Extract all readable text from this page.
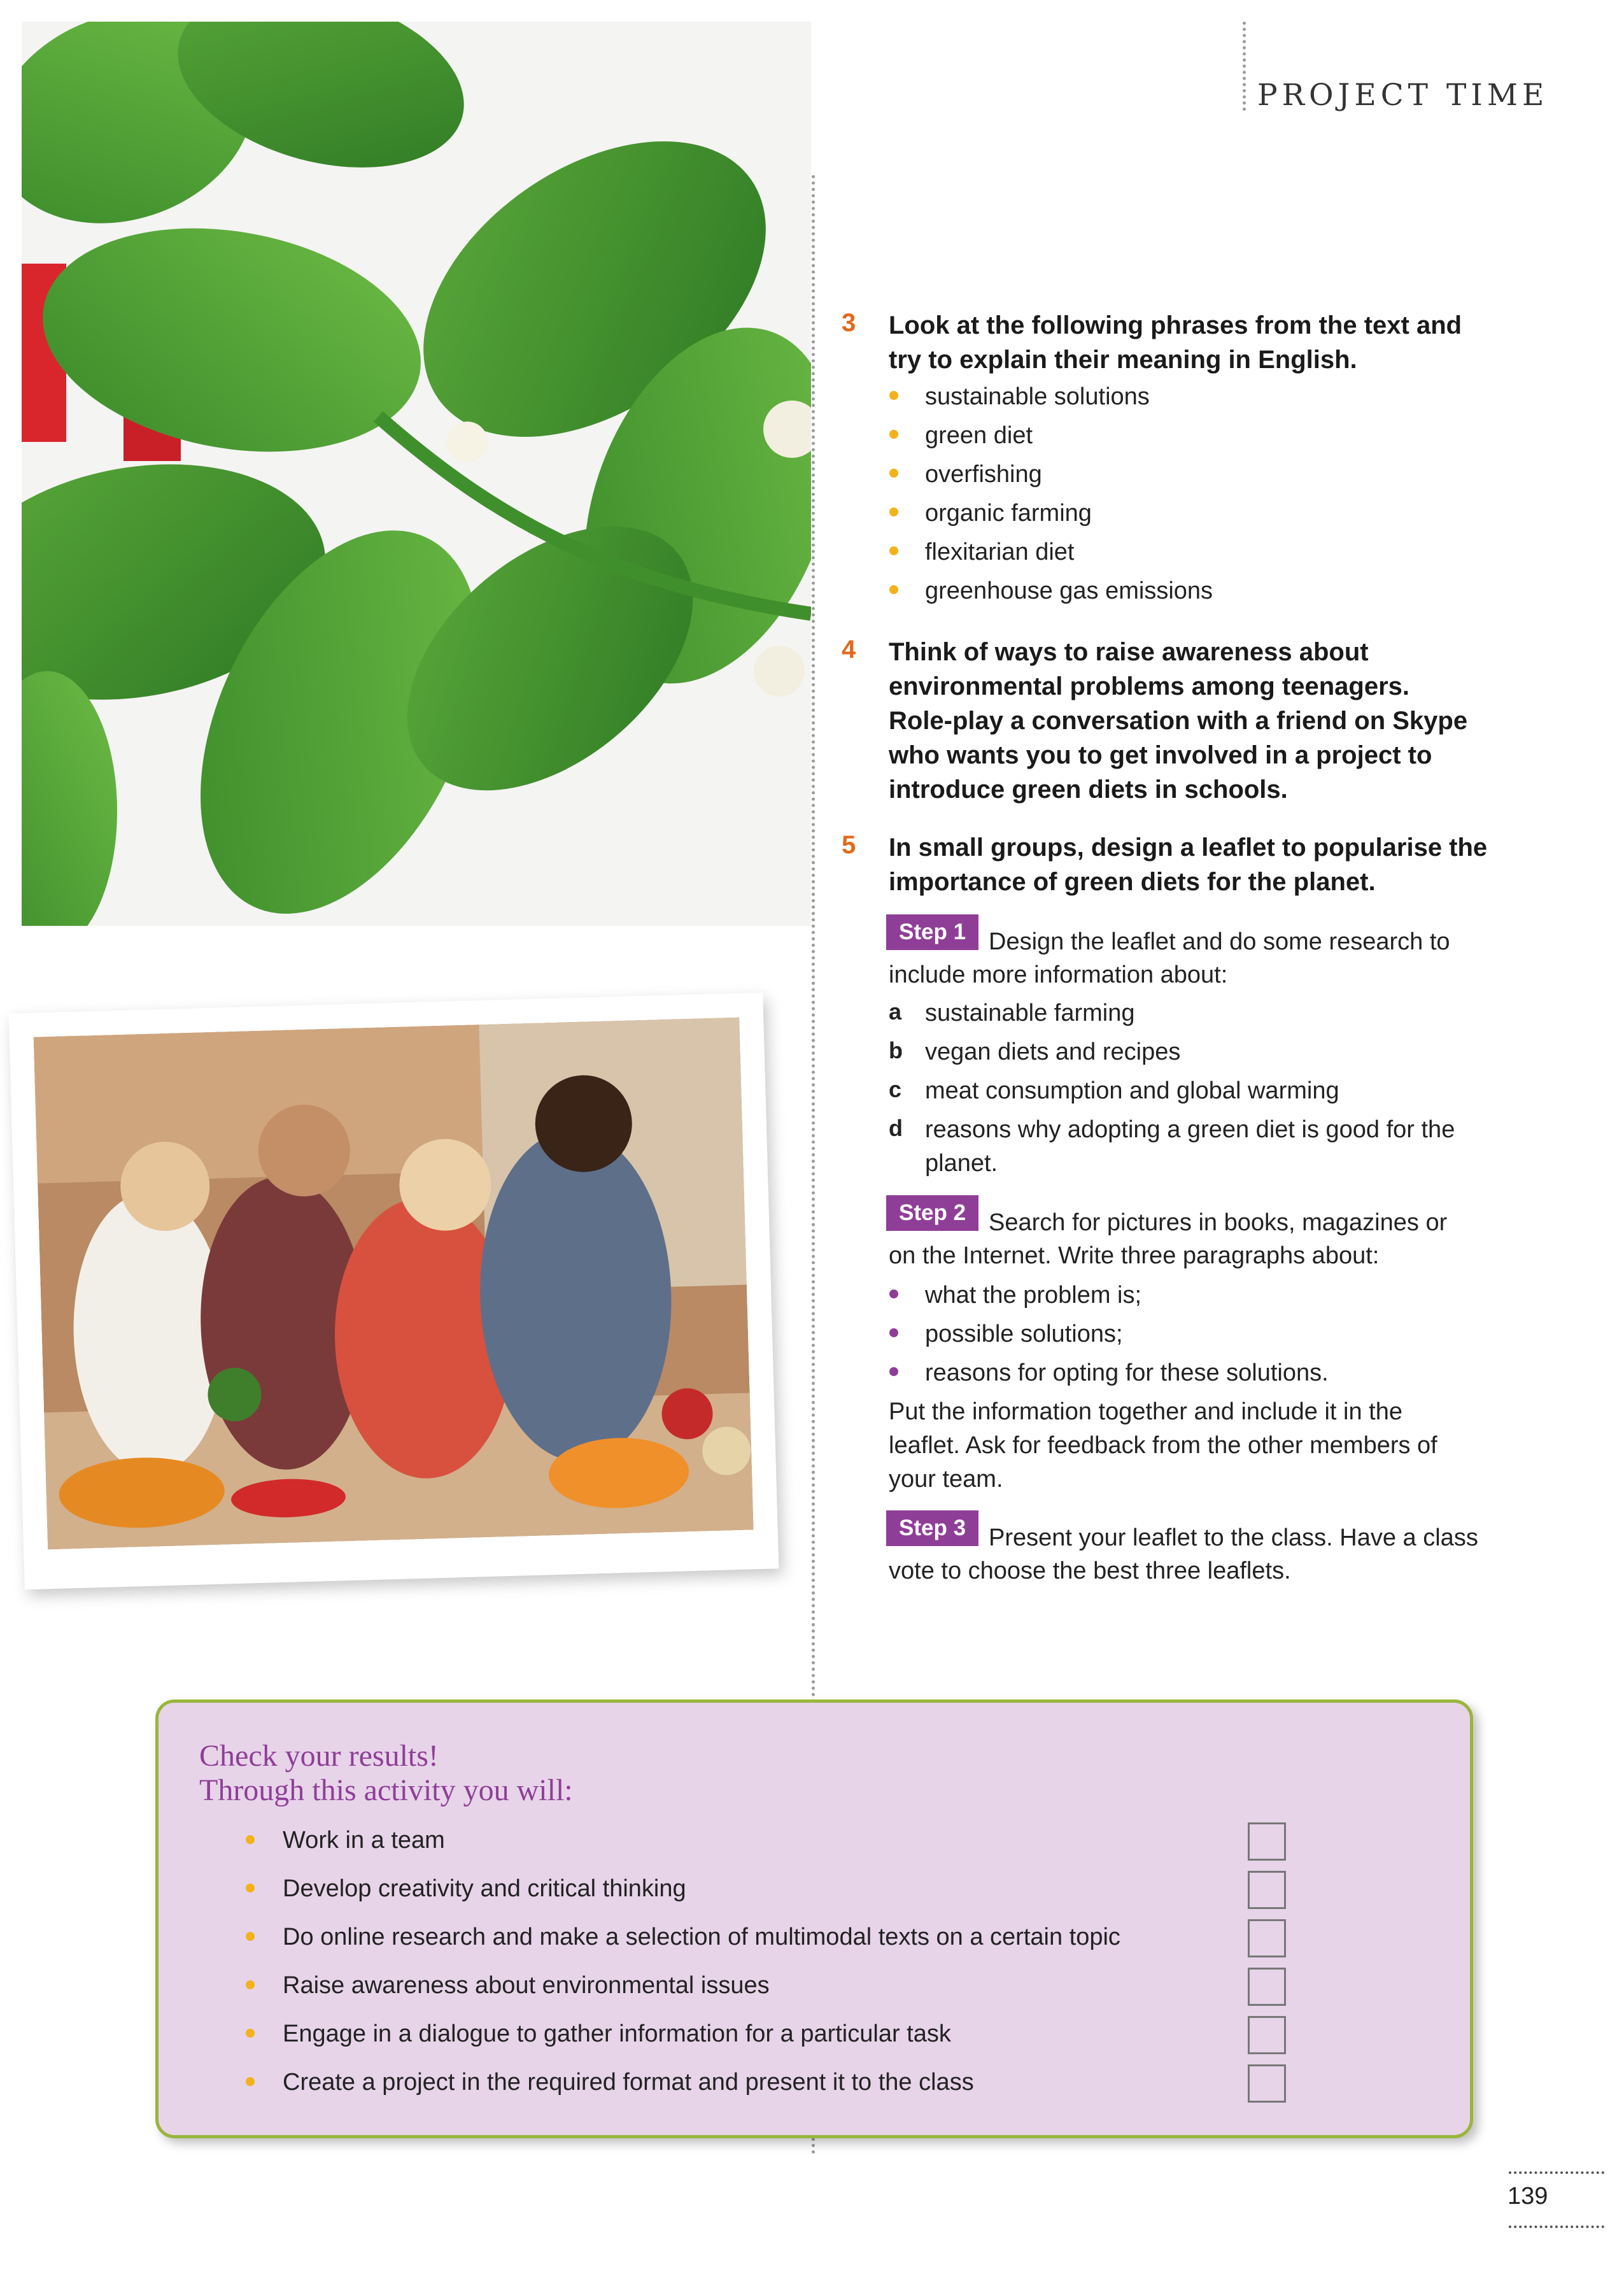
PROJECT TIME
3 Look at the following phrases from the text and
try to explain their meaning in English.
sustainable solutions
green diet
overfishing
organic farming
flexitarian diet
greenhouse gas emissions
4 Think of ways to raise awareness about
environmental problems among teenagers.
Role-play a conversation with a friend on Skype
who wants you to get involved in a project to
introduce green diets in schools.
5 In small groups, design a leaflet to popularise the
importance of green diets for the planet.
Step 1 Design the leaflet and do some research to
include more information about:
a sustainable farming
b vegan diets and recipes
c meat consumption and global warming
d reasons why adopting a green diet is good for the
planet.
Step 2 Search for pictures in books, magazines or
on the Internet. Write three paragraphs about:
what the problem is;
possible solutions;
reasons for opting for these solutions.
Put the information together and include it in the
leaflet. Ask for feedback from the other members of
your team.
Step 3 Present your leaflet to the class. Have a class
vote to choose the best three leaflets.
Check your results!
Through this activity you will:
Work in a team
Develop creativity and critical thinking
Do online research and make a selection of multimodal texts on a certain topic
Raise awareness about environmental issues
Engage in a dialogue to gather information for a particular task
Create a project in the required format and present it to the class
139
